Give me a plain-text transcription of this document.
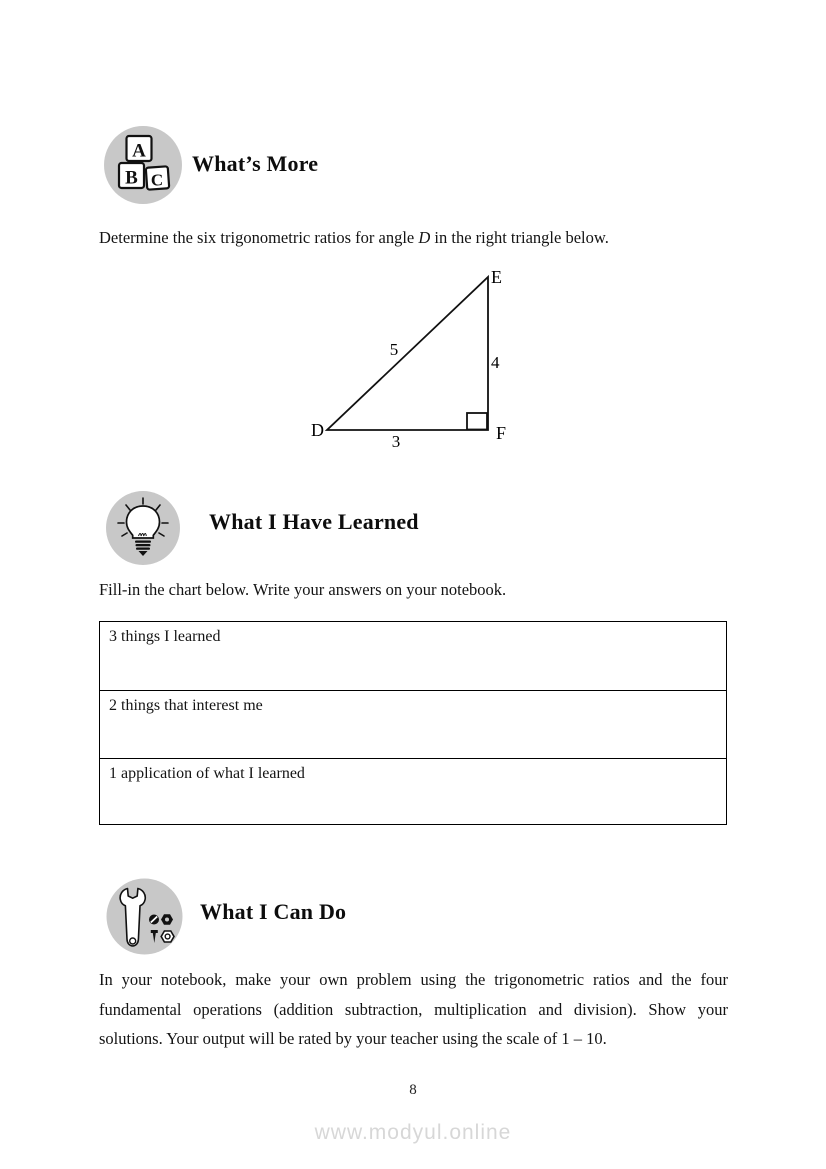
A
B C
What’s More
Determine the six trigonometric ratios for angle D in the right triangle below.
D
E
F
5
4
3
What I Have Learned
Fill-in the chart below. Write your answers on your notebook.
3 things I learned
2 things that interest me
1 application of what I learned
What I Can Do
In your notebook, make your own problem using the trigonometric ratios and the four fundamental operations (addition subtraction, multiplication and division). Show your solutions. Your output will be rated by your teacher using the scale of 1 – 10.
8
www.modyul.online
